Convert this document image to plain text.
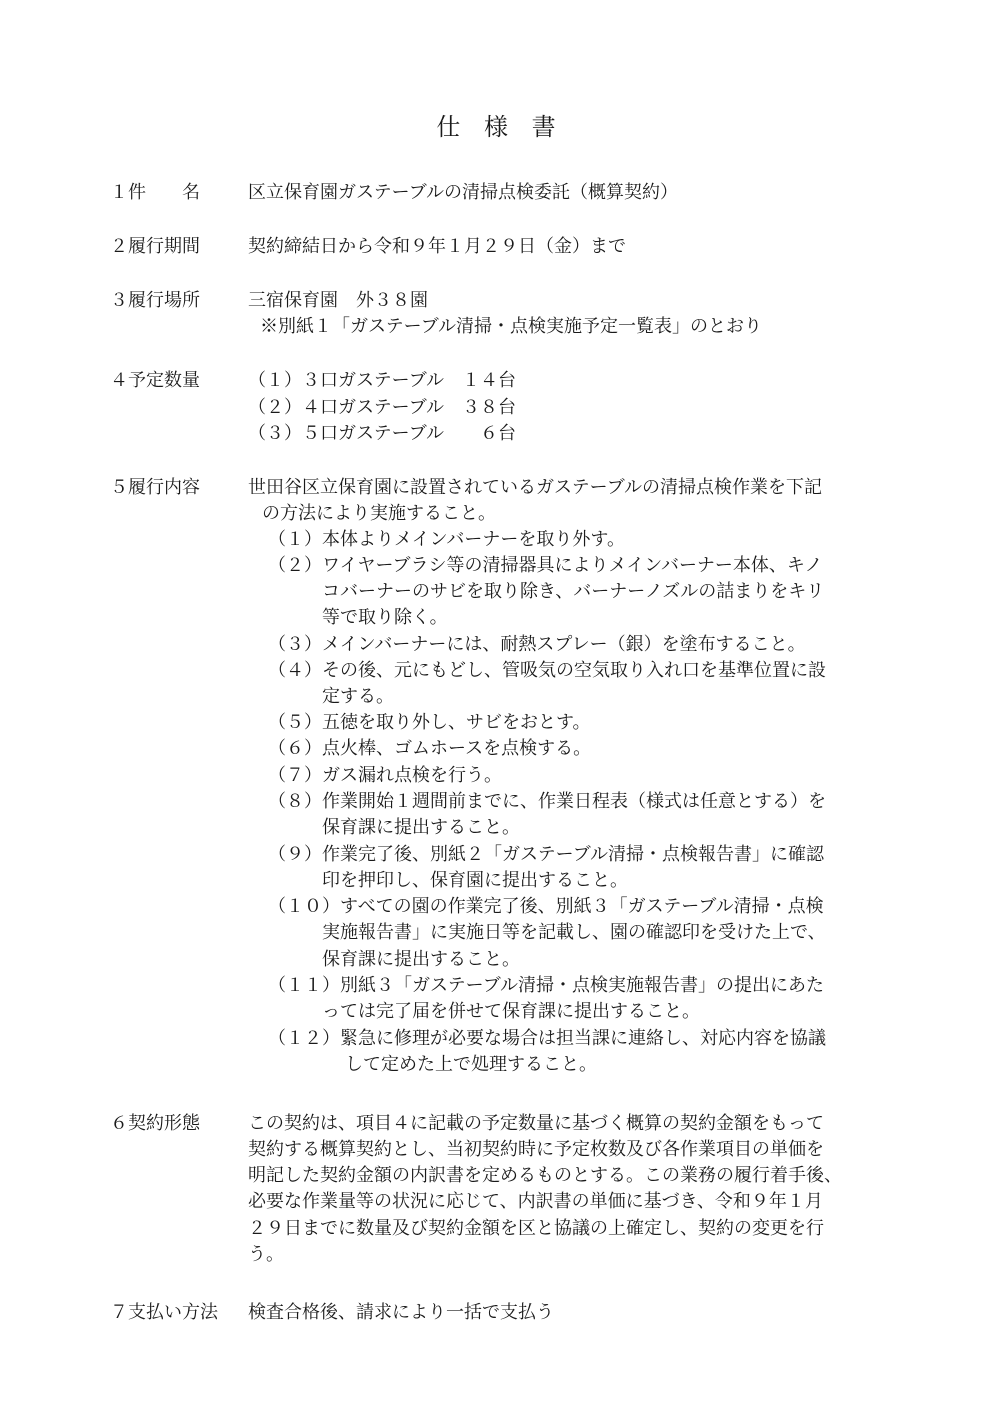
仕 様 書
１件　　名	区立保育園ガステーブルの清掃点検委託（概算契約）
２履行期間	契約締結日から令和９年１月２９日（金）まで
３履行場所	三宿保育園　外３８園
※別紙１「ガステーブル清掃・点検実施予定一覧表」のとおり
４予定数量	（１）３口ガステーブル　１４台
（２）４口ガステーブル　３８台
（３）５口ガステーブル　　６台
５履行内容	世田谷区立保育園に設置されているガステーブルの清掃点検作業を下記
の方法により実施すること。
（１）本体よりメインバーナーを取り外す。
（２）ワイヤーブラシ等の清掃器具によりメインバーナー本体、キノ
コバーナーのサビを取り除き、バーナーノズルの詰まりをキリ
等で取り除く。
（３）メインバーナーには、耐熱スプレー（銀）を塗布すること。
（４）その後、元にもどし、管吸気の空気取り入れ口を基準位置に設
定する。
（５）五徳を取り外し、サビをおとす。
（６）点火棒、ゴムホースを点検する。
（７）ガス漏れ点検を行う。
（８）作業開始１週間前までに、作業日程表（様式は任意とする）を
保育課に提出すること。
（９）作業完了後、別紙２「ガステーブル清掃・点検報告書」に確認
印を押印し、保育園に提出すること。
（１０）すべての園の作業完了後、別紙３「ガステーブル清掃・点検
実施報告書」に実施日等を記載し、園の確認印を受けた上で、
保育課に提出すること。
（１１）別紙３「ガステーブル清掃・点検実施報告書」の提出にあた
っては完了届を併せて保育課に提出すること。
（１２）緊急に修理が必要な場合は担当課に連絡し、対応内容を協議
して定めた上で処理すること。
６契約形態	この契約は、項目４に記載の予定数量に基づく概算の契約金額をもって
契約する概算契約とし、当初契約時に予定枚数及び各作業項目の単価を
明記した契約金額の内訳書を定めるものとする。この業務の履行着手後、
必要な作業量等の状況に応じて、内訳書の単価に基づき、令和９年１月
２９日までに数量及び契約金額を区と協議の上確定し、契約の変更を行
う。
７支払い方法 検査合格後、請求により一括で支払う
